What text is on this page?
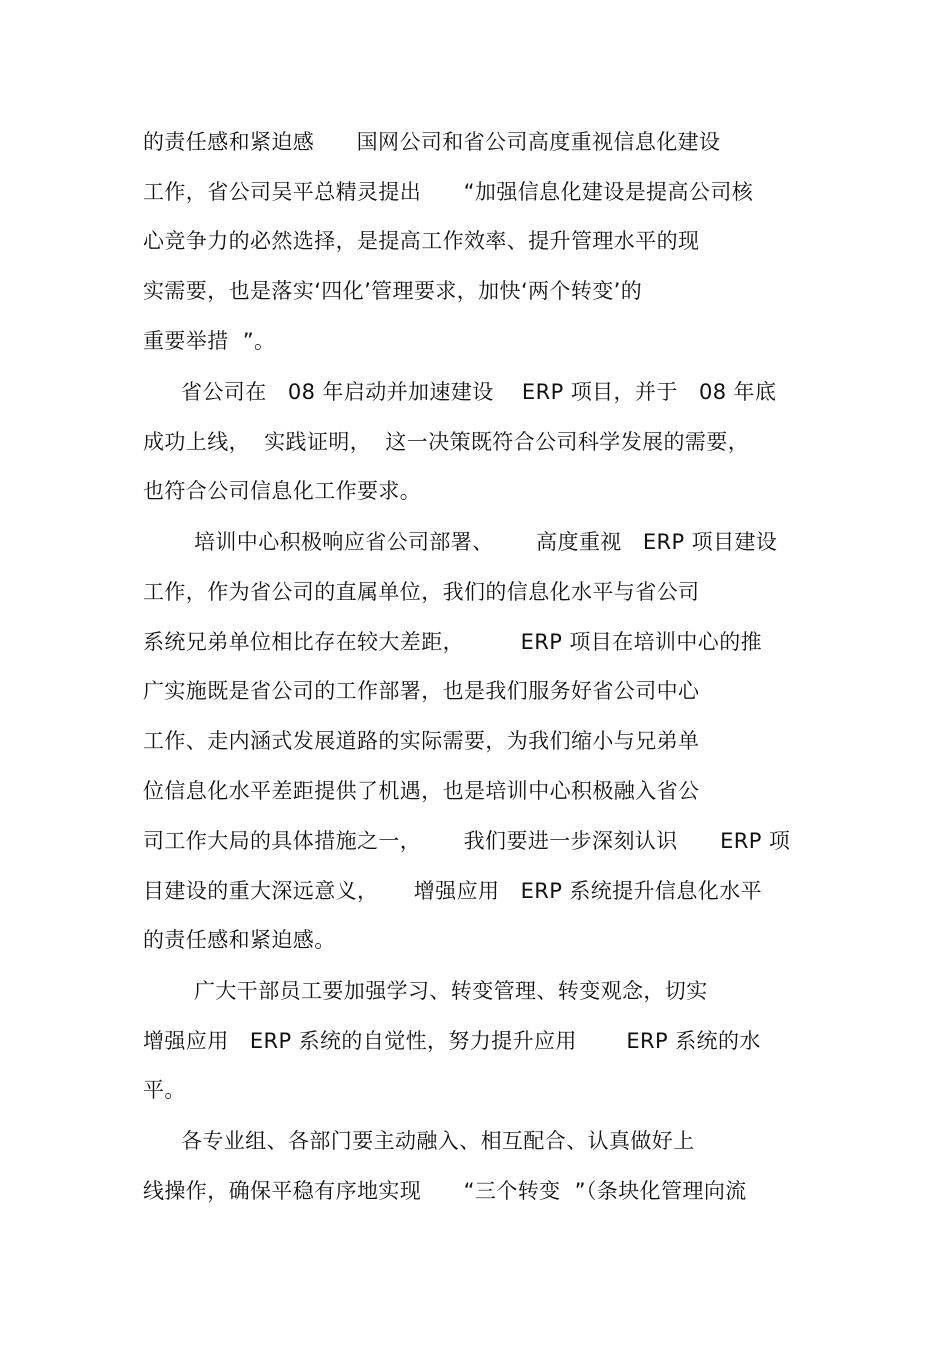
的责任感和紧迫感      国网公司和省公司高度重视信息化建设
工作，省公司吴平总精灵提出      “加强信息化建设是提高公司核
心竞争力的必然选择，是提高工作效率、提升管理水平的现
实需要，也是落实‘四化’管理要求，加快‘两个转变’的
重要举措  ”。
省公司在   08 年启动并加速建设    ERP 项目，并于   08 年底
成功上线，  实践证明，  这一决策既符合公司科学发展的需要，
也符合公司信息化工作要求。
培训中心积极响应省公司部署、      高度重视   ERP 项目建设
工作，作为省公司的直属单位，我们的信息化水平与省公司
系统兄弟单位相比存在较大差距，        ERP 项目在培训中心的推
广实施既是省公司的工作部署，也是我们服务好省公司中心
工作、走内涵式发展道路的实际需要，为我们缩小与兄弟单
位信息化水平差距提供了机遇，也是培训中心积极融入省公
司工作大局的具体措施之一，      我们要进一步深刻认识      ERP 项
目建设的重大深远意义，     增强应用   ERP 系统提升信息化水平
的责任感和紧迫感。
广大干部员工要加强学习、转变管理、转变观念，切实
增强应用   ERP 系统的自觉性，努力提升应用       ERP 系统的水
平。
各专业组、各部门要主动融入、相互配合、认真做好上
线操作，确保平稳有序地实现      “三个转变  ”（条块化管理向流
